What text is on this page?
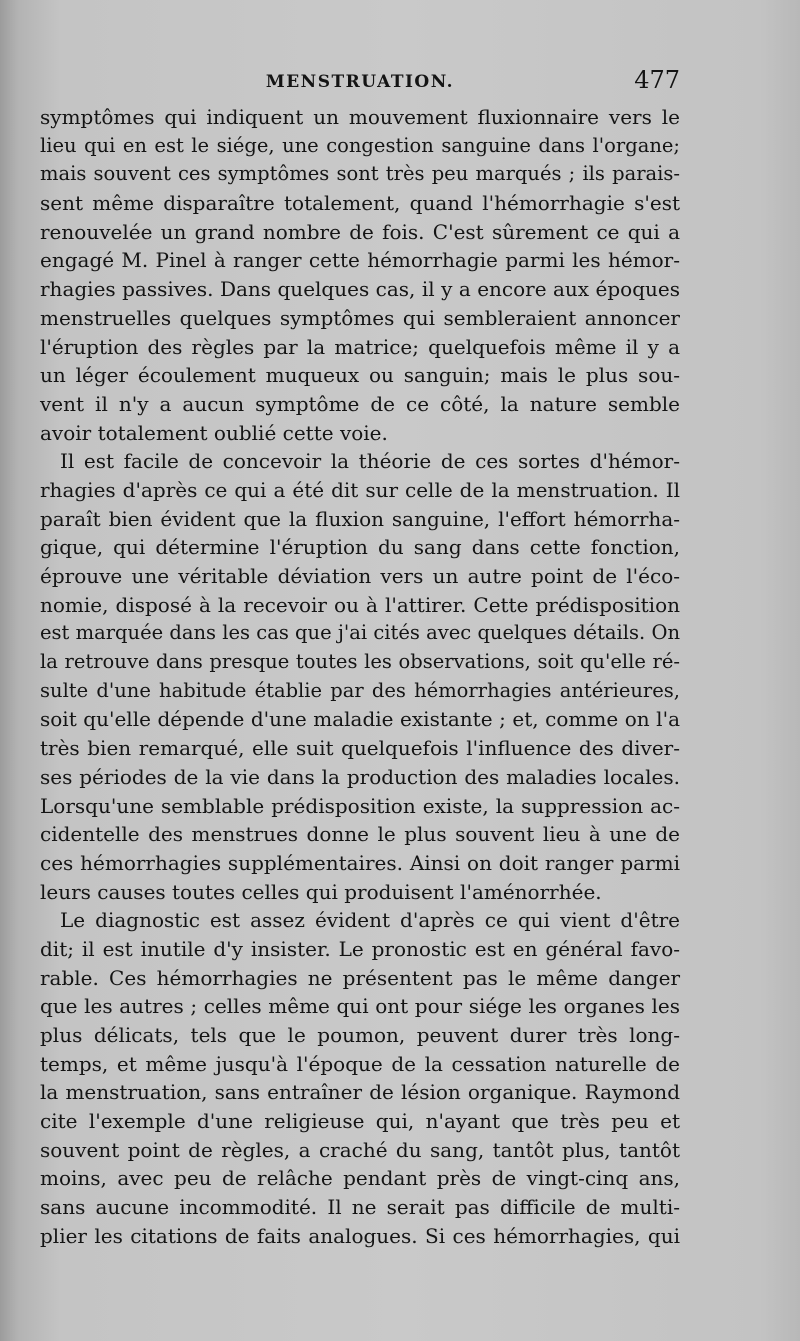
MENSTRUATION.	477
symptômes qui indiquent un mouvement fluxionnaire vers le
lieu qui en est le siége, une congestion sanguine dans l'organe;
mais souvent ces symptômes sont très peu marqués ; ils parais-
sent même disparaître totalement, quand l'hémorrhagie s'est
renouvelée un grand nombre de fois. C'est sûrement ce qui a
engagé M. Pinel à ranger cette hémorrhagie parmi les hémor-
rhagies passives. Dans quelques cas, il y a encore aux époques
menstruelles quelques symptômes qui sembleraient annoncer
l'éruption des règles par la matrice; quelquefois même il y a
un léger écoulement muqueux ou sanguin; mais le plus sou-
vent il n'y a aucun symptôme de ce côté, la nature semble
avoir totalement oublié cette voie.
Il est facile de concevoir la théorie de ces sortes d'hémor-
rhagies d'après ce qui a été dit sur celle de la menstruation. Il
paraît bien évident que la fluxion sanguine, l'effort hémorrha-
gique, qui détermine l'éruption du sang dans cette fonction,
éprouve une véritable déviation vers un autre point de l'éco-
nomie, disposé à la recevoir ou à l'attirer. Cette prédisposition
est marquée dans les cas que j'ai cités avec quelques détails. On
la retrouve dans presque toutes les observations, soit qu'elle ré-
sulte d'une habitude établie par des hémorrhagies antérieures,
soit qu'elle dépende d'une maladie existante ; et, comme on l'a
très bien remarqué, elle suit quelquefois l'influence des diver-
ses périodes de la vie dans la production des maladies locales.
Lorsqu'une semblable prédisposition existe, la suppression ac-
cidentelle des menstrues donne le plus souvent lieu à une de
ces hémorrhagies supplémentaires. Ainsi on doit ranger parmi
leurs causes toutes celles qui produisent l'aménorrhée.
Le diagnostic est assez évident d'après ce qui vient d'être
dit; il est inutile d'y insister. Le pronostic est en général favo-
rable. Ces hémorrhagies ne présentent pas le même danger
que les autres ; celles même qui ont pour siége les organes les
plus délicats, tels que le poumon, peuvent durer très long-
temps, et même jusqu'à l'époque de la cessation naturelle de
la menstruation, sans entraîner de lésion organique. Raymond
cite l'exemple d'une religieuse qui, n'ayant que très peu et
souvent point de règles, a craché du sang, tantôt plus, tantôt
moins, avec peu de relâche pendant près de vingt-cinq ans,
sans aucune incommodité. Il ne serait pas difficile de multi-
plier les citations de faits analogues. Si ces hémorrhagies, qui
